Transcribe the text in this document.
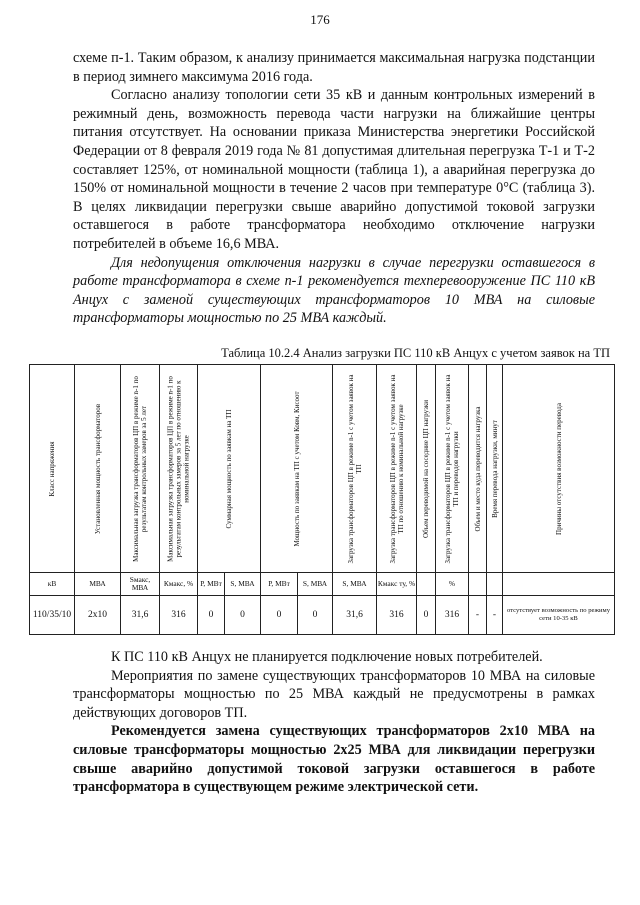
176

схеме п-1. Таким образом, к анализу принимается максимальная нагрузка подстанции в период зимнего максимума 2016 года.

Согласно анализу топологии сети 35 кВ и данным контрольных измерений в режимный день, возможность перевода части нагрузки на ближайшие центры питания отсутствует. На основании приказа Министерства энергетики Российской Федерации от 8 февраля 2019 года № 81 допустимая длительная перегрузка Т-1 и Т-2 составляет 125%, от номинальной мощности (таблица 1), а аварийная перегрузка до 150% от номинальной мощности в течение 2 часов при температуре 0°С (таблица 3). В целях ликвидации перегрузки свыше аварийно допустимой токовой загрузки оставшегося в работе трансформатора необходимо отключение нагрузки потребителей в объеме 16,6 МВА.

Для недопущения отключения нагрузки в случае перегрузки оставшегося в работе трансформатора в схеме п-1 рекомендуется техперевооружение ПС 110 кВ Анцух с заменой существующих трансформаторов 10 МВА на силовые трансформаторы мощностью по 25 МВА каждый.

Таблица 10.2.4 Анализ загрузки ПС 110 кВ Анцух с учетом заявок на ТП
Класс напряжения	Установленная мощность трансформаторов	Максимальная загрузка трансформаторов ЦП в режиме n-1 по результатам контрольных замеров за 5 лет	Максимальная загрузка трансформаторов ЦП в режиме n-1 по результатам контрольных замеров за 5 лет по отношению к номинальной нагрузке	Суммарная мощность по заявкам на ТП		Мощность по заявкам на ТП с учетом Ковм, Кисоот		Загрузка трансформаторов ЦП в режиме n-1 с учетом заявок на ТП	Загрузка трансформаторов ЦП в режиме n-1 с учетом заявок на ТП по отношению к номинальной нагрузке	Объем переводимой на соседние ЦП нагрузки	Загрузка трансформаторов ЦП в режиме n-1 с учетом заявок на ТП и переводов нагрузки	Объем и место куда переводится нагрузка	Время перевода нагрузки, минут	Причины отсутствия возможности перевода

кВ	МВА	Sмакс, МВА	Кмакс, %	Р, МВт	S, МВА	Р, МВт	S, МВА	S, МВА	Кмакс ту, %		%			
110/35/10	2х10	31,6	316	0	0	0	0	31,6	316	0	316	-	-	отсутствует возможность по режиму сети 10-35 кВ

К ПС 110 кВ Анцух не планируется подключение новых потребителей.

Мероприятия по замене существующих трансформаторов 10 МВА на силовые трансформаторы мощностью по 25 МВА каждый не предусмотрены в рамках действующих договоров ТП.

Рекомендуется замена существующих трансформаторов 2х10 МВА на силовые трансформаторы мощностью 2х25 МВА для ликвидации перегрузки свыше аварийно допустимой токовой загрузки оставшегося в работе трансформатора в существующем режиме электрической сети.
